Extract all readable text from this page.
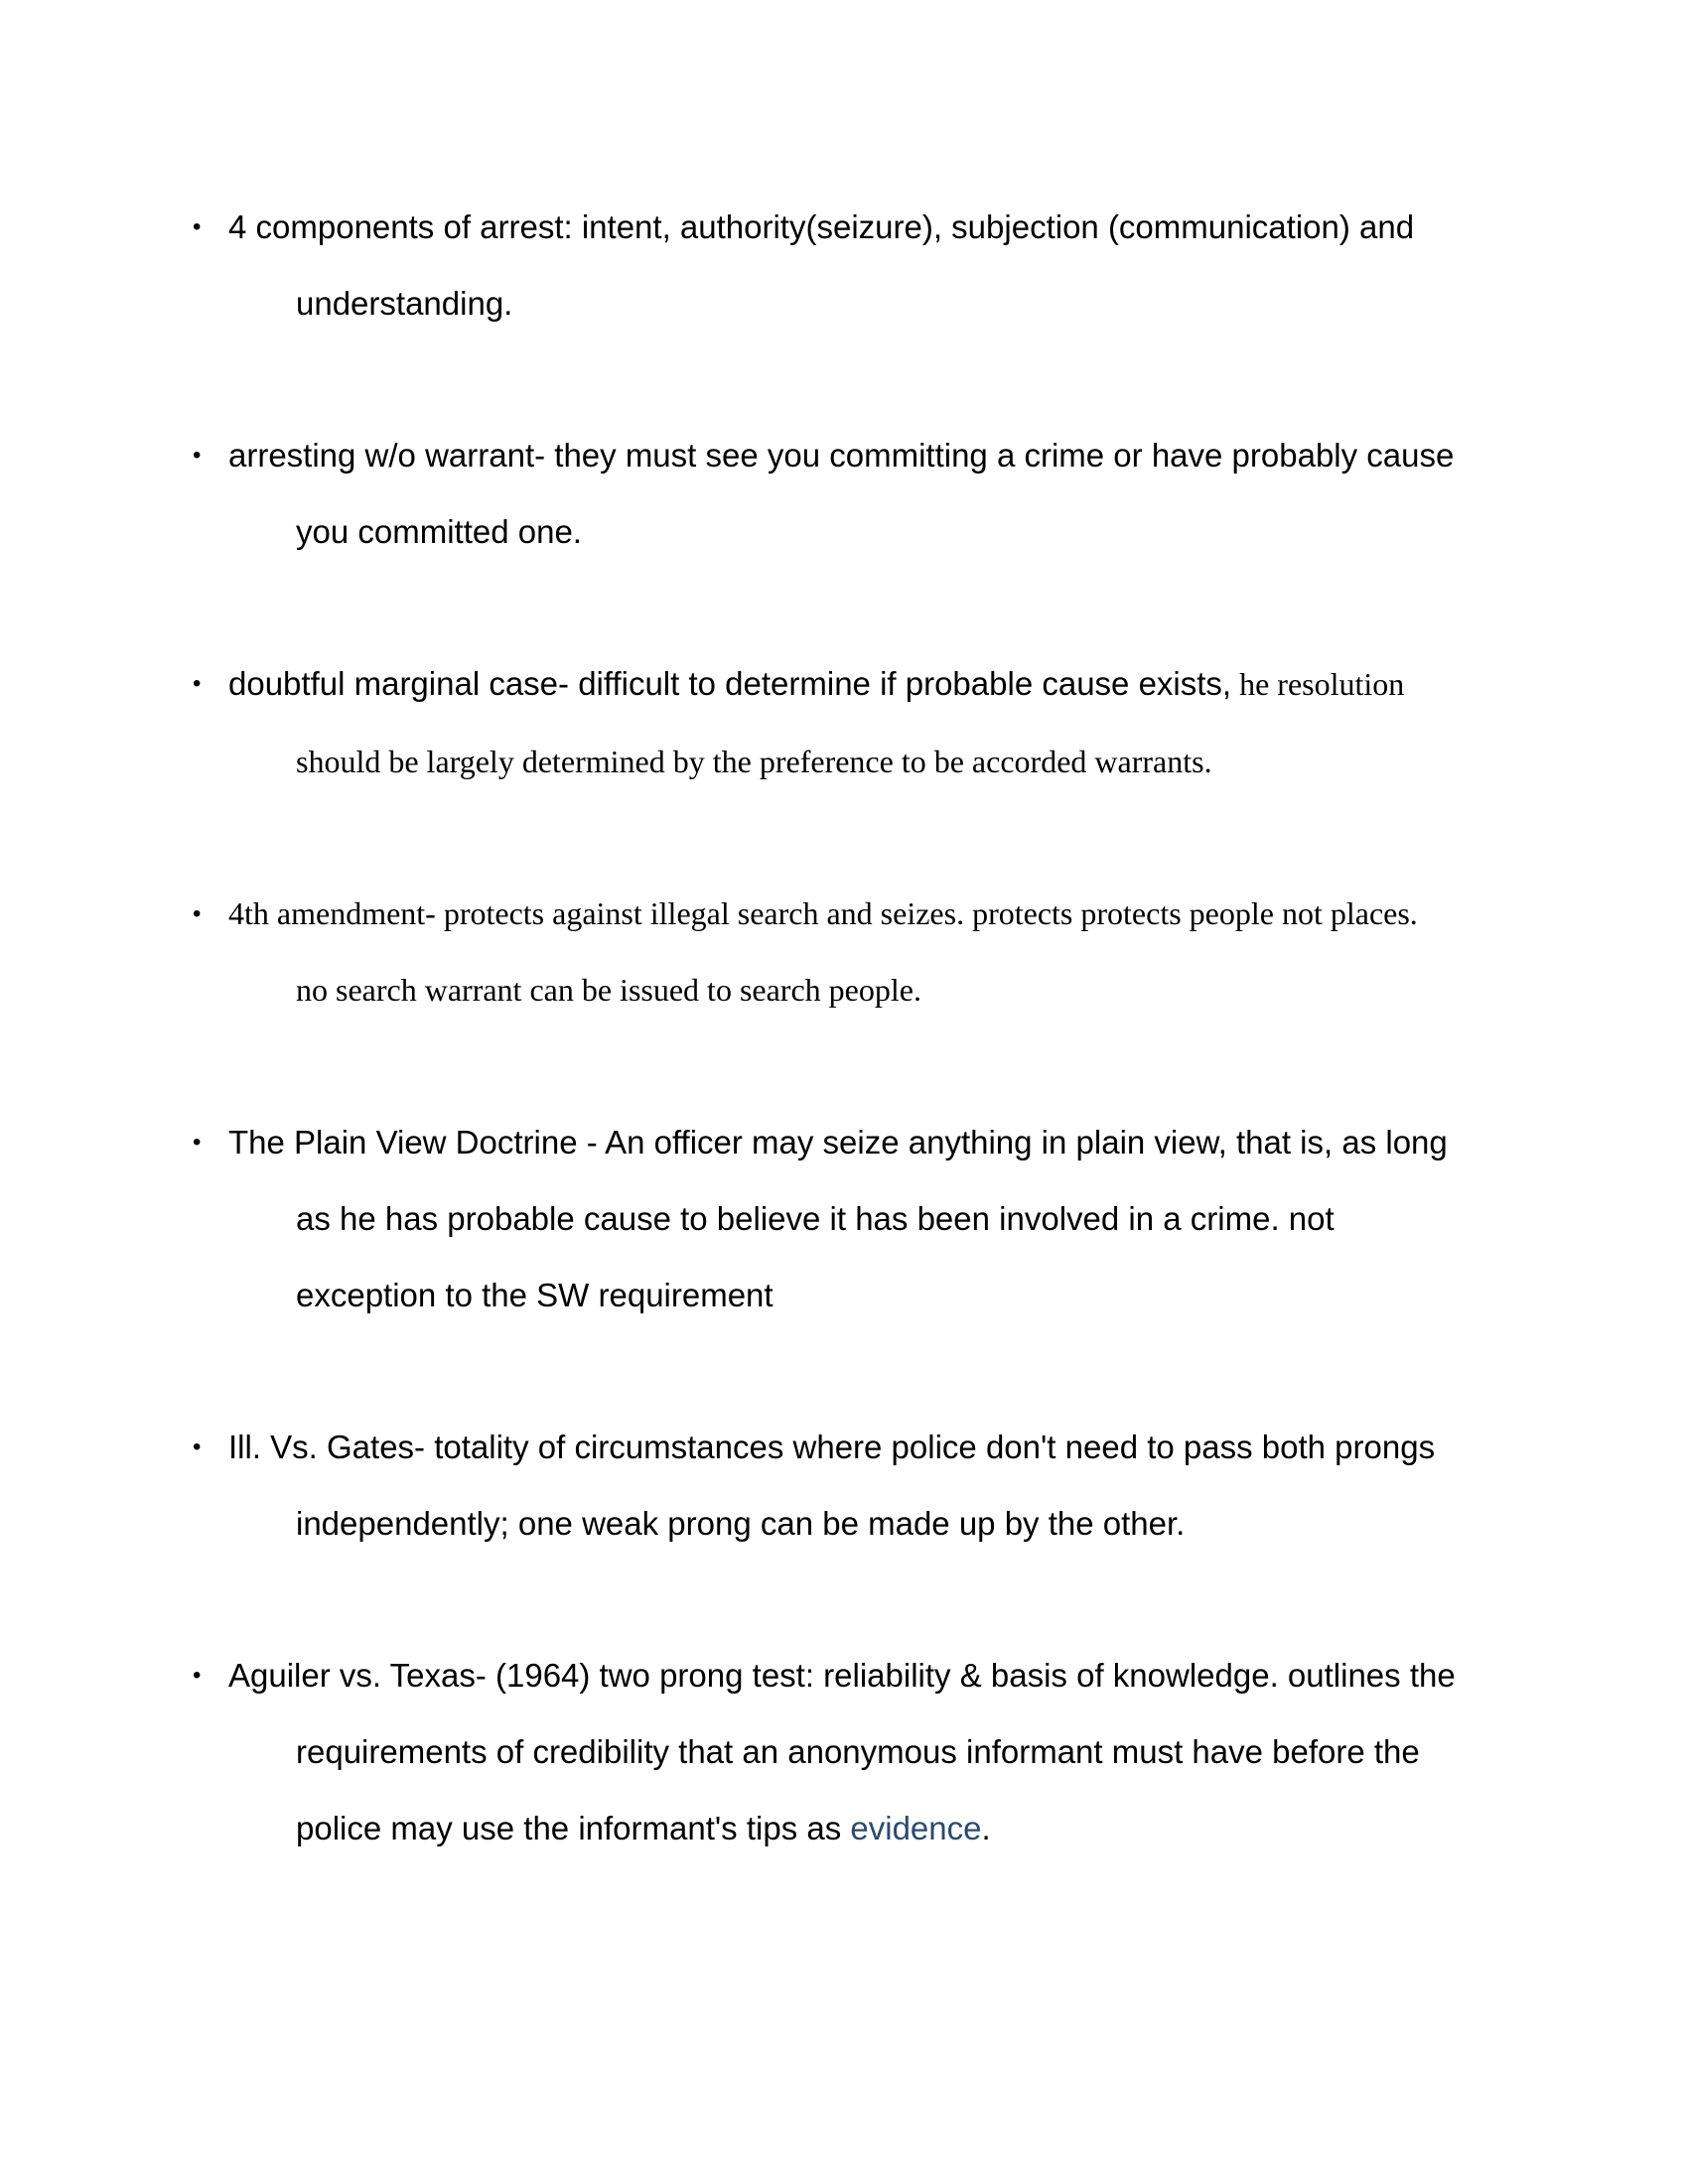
• 4 components of arrest: intent, authority(seizure), subjection (communication) and
understanding.
• arresting w/o warrant- they must see you committing a crime or have probably cause
you committed one.
• doubtful marginal case- difficult to determine if probable cause exists, he resolution
should be largely determined by the preference to be accorded warrants.
• 4th amendment- protects against illegal search and seizes. protects protects people not places.
no search warrant can be issued to search people.
• The Plain View Doctrine - An officer may seize anything in plain view, that is, as long
as he has probable cause to believe it has been involved in a crime. not
exception to the SW requirement
• Ill. Vs. Gates- totality of circumstances where police don't need to pass both prongs
independently; one weak prong can be made up by the other.
• Aguiler vs. Texas- (1964) two prong test: reliability & basis of knowledge. outlines the
requirements of credibility that an anonymous informant must have before the
police may use the informant's tips as evidence.
